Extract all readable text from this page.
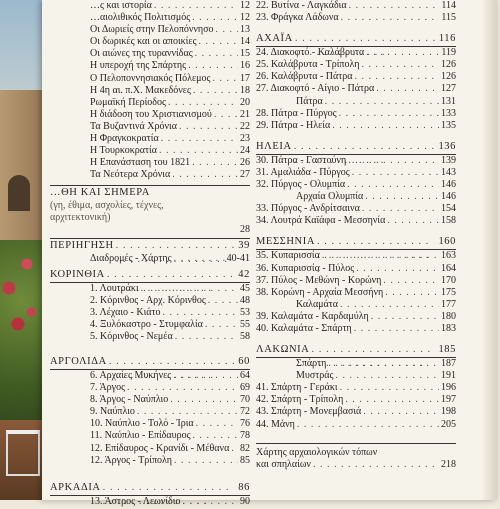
…ς και ιστορία . . .	12
…αιολιθικός Πολιτισμός . . .	12
Οι Δωριείς στην Πελοπόννησο . . .	13
Οι δωρικές και οι αποικίες . . .	14
Οι αιώνες της τυραννίδας . . .	15
Η υπεροχή της Σπάρτης . . .	16
Ο Πελοποννησιακός Πόλεμος . . .	17
Η 4η αι. π.Χ. Μακεδόνες . . .	18
Ρωμαϊκή Περίοδος . . .	20
Η διάδοση του Χριστιανισμού . . .	21
Τα Βυζαντινά Χρόνια . . .	22
Η Φραγκοκρατία . . .	23
Η Τουρκοκρατία . . .	24
Η Επανάσταση του 1821 . . .	26
Τα Νεότερα Χρόνια . . .	27
…ΘΗ ΚΑΙ ΣΗΜΕΡΑ
(γη, έθιμα, ασχολίες, τέχνες, αρχιτεκτονική)
28
ΠΕΡΙΗΓΗΣΗ . . .	39
Διαδρομές - Χάρτης . . .	40-41
ΚΟΡΙΝΘΙΑ . . .	42
1. Λουτράκι . . .	45
2. Κόρινθος - Αρχ. Κόρινθος . . .	48
3. Λέχαιο - Κιάτο . . .	53
4. Ξυλόκαστρο - Στυμφαλία . . .	55
5. Κόρινθος - Νεμέα . . .	58
ΑΡΓΟΛΙΔΑ . . .	60
6. Αρχαίες Μυκήνες . . .	64
7. Άργος . . .	69
8. Άργος - Ναύπλιο . . .	70
9. Ναύπλιο . . .	72
10. Ναύπλιο - Τολό - Ίρια . . .	76
11. Ναύπλιο - Επίδαυρος . . .	78
12. Επίδαυρος - Κρανίδι - Μέθανα . . . 82
12. Άργος - Τρίπολη . . .	85
ΑΡΚΑΔΙΑ . . .	86
13. Άστρος - Λεωνίδιο . . .	90
22. Βυτίνα - Λαγκάδια . . .	114
23. Φράγκα Λάδωνα . . .	115
ΑΧΑΪΑ . . .	116
24. Διακοφτό - Καλάβρυτα . . .	119
25. Καλάβρυτα - Τρίπολη . . .	126
26. Καλάβρυτα - Πάτρα . . .	126
27. Διακοφτό - Αίγιο - Πάτρα . . .	127
Πάτρα . . .	131
28. Πάτρα - Πύργος . . .	133
29. Πάτρα - Ηλεία . . .	135
ΗΛΕΙΑ . . .	136
30. Πάτρα - Γαστούνη . . .	139
31. Αμαλιάδα - Πύργος . . .	143
32. Πύργος - Ολυμπία . . .	146
Αρχαία Ολυμπία . . .	146
33. Πύργος - Ανδρίτσαινα . . .	154
34. Λουτρά Καϊάφα - Μεσσηνία . . .	158
ΜΕΣΣΗΝΙΑ . . .	160
35. Κυπαρισσία . . .	163
36. Κυπαρισσία - Πύλος . . .	164
37. Πύλος - Μεθώνη - Κορώνη . . .	170
38. Κορώνη - Αρχαία Μεσσήνη . . .	175
Καλαμάτα . . .	177
39. Καλαμάτα - Καρδαμύλη . . .	180
40. Καλαμάτα - Σπάρτη . . .	183
ΛΑΚΩΝΙΑ . . .	185
Σπάρτη . . .	187
Μυστράς . . .	191
41. Σπάρτη - Γεράκι . . .	196
42. Σπάρτη - Τρίπολη . . .	197
43. Σπάρτη - Μονεμβασιά . . .	198
44. Μάνη . . .	205
Χάρτης αρχαιολογικών τόπων
και σπηλαίων . . .	218
